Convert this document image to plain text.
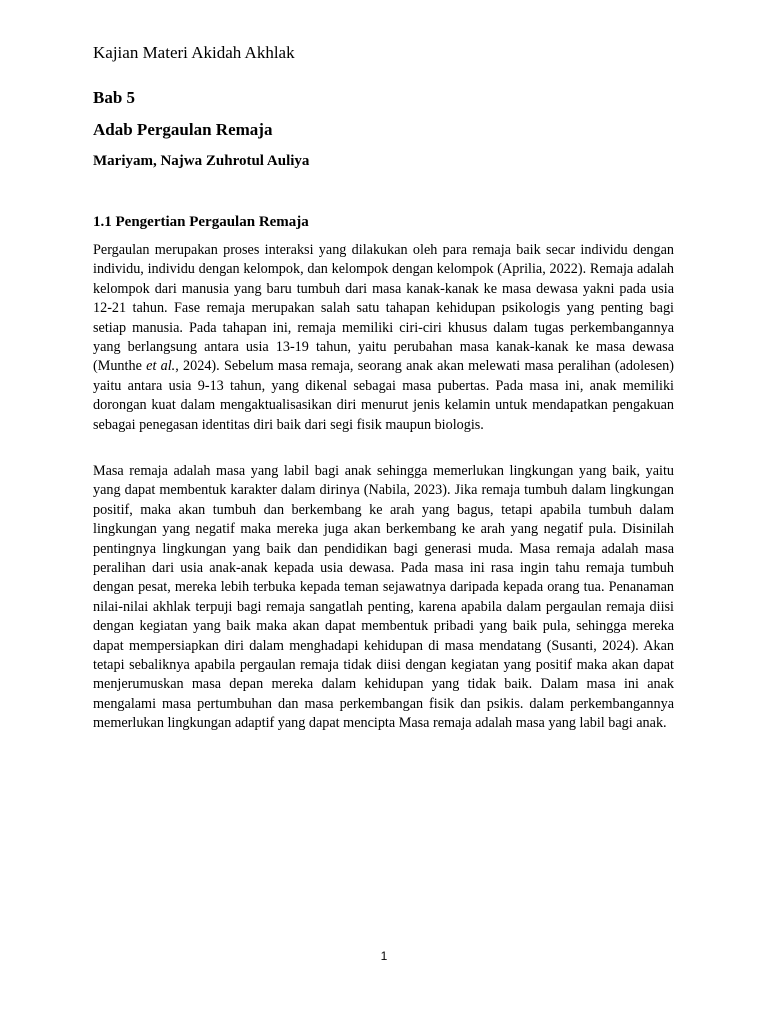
Kajian Materi Akidah Akhlak

Bab 5
Adab Pergaulan Remaja

Mariyam, Najwa Zuhrotul Auliya

1.1 Pengertian Pergaulan Remaja

Pergaulan merupakan proses interaksi yang dilakukan oleh para remaja baik secar individu dengan individu, individu dengan kelompok, dan kelompok dengan kelompok (Aprilia, 2022). Remaja adalah kelompok dari manusia yang baru tumbuh dari masa kanak-kanak ke masa dewasa yakni pada usia 12-21 tahun. Fase remaja merupakan salah satu tahapan kehidupan psikologis yang penting bagi setiap manusia. Pada tahapan ini, remaja memiliki ciri-ciri khusus dalam tugas perkembangannya yang berlangsung antara usia 13-19 tahun, yaitu perubahan masa kanak-kanak ke masa dewasa (Munthe et al., 2024). Sebelum masa remaja, seorang anak akan melewati masa peralihan (adolesen) yaitu antara usia 9-13 tahun, yang dikenal sebagai masa pubertas. Pada masa ini, anak memiliki dorongan kuat dalam mengaktualisasikan diri menurut jenis kelamin untuk mendapatkan pengakuan sebagai penegasan identitas diri baik dari segi fisik maupun biologis.

Masa remaja adalah masa yang labil bagi anak sehingga memerlukan lingkungan yang baik, yaitu yang dapat membentuk karakter dalam dirinya (Nabila, 2023). Jika remaja tumbuh dalam lingkungan positif, maka akan tumbuh dan berkembang ke arah yang bagus, tetapi apabila tumbuh dalam lingkungan yang negatif maka mereka juga akan berkembang ke arah yang negatif pula. Disinilah pentingnya lingkungan yang baik dan pendidikan bagi generasi muda. Masa remaja adalah masa peralihan dari usia anak-anak kepada usia dewasa. Pada masa ini rasa ingin tahu remaja tumbuh dengan pesat, mereka lebih terbuka kepada teman sejawatnya daripada kepada orang tua. Penanaman nilai-nilai akhlak terpuji bagi remaja sangatlah penting, karena apabila dalam pergaulan remaja diisi dengan kegiatan yang baik maka akan dapat membentuk pribadi yang baik pula, sehingga mereka dapat mempersiapkan diri dalam menghadapi kehidupan di masa mendatang (Susanti, 2024). Akan tetapi sebaliknya apabila pergaulan remaja tidak diisi dengan kegiatan yang positif maka akan dapat menjerumuskan masa depan mereka dalam kehidupan yang tidak baik. Dalam masa ini anak mengalami masa pertumbuhan dan masa perkembangan fisik dan psikis. dalam perkembangannya memerlukan lingkungan adaptif yang dapat mencipta Masa remaja adalah masa yang labil bagi anak.

1
